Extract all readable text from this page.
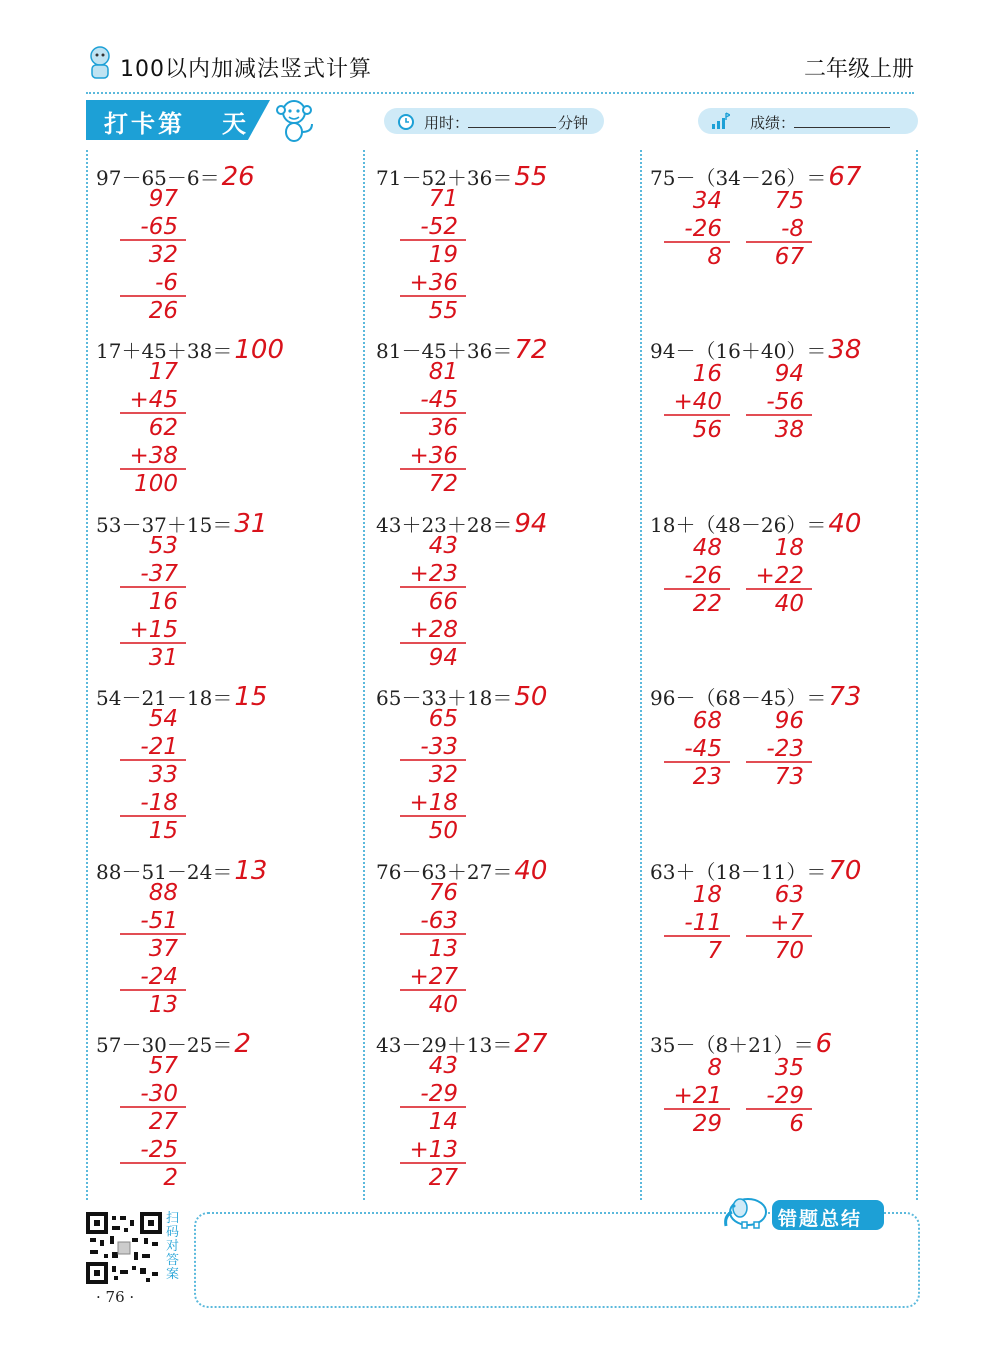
100以内加减法竖式计算	二年级上册
打卡第 天	用时：	分钟	成绩：
97－65－6＝26
97
-65
32
-6
26
17＋45＋38＝100
17
+45
62
+38
100
53－37＋15＝31
53
-37
16
+15
31
54－21－18＝15
54
-21
33
-18
15
88－51－24＝13
88
-51
37
-24
13
57－30－25＝2
57
-30
27
-25
2
71－52＋36＝55
71
-52
19
+36
55
81－45＋36＝72
81
-45
36
+36
72
43＋23＋28＝94
43
+23
66
+28
94
65－33＋18＝50
65
-33
32
+18
50
76－63＋27＝40
76
-63
13
+27
40
43－29＋13＝27
43
-29
14
+13
27
75－（34－26）＝67
34
-26
8
75
-8
67
94－（16＋40）＝38
16
+40
56
94
-56
38
18＋（48－26）＝40
48
-26
22
18
+22
40
96－（68－45）＝73
68
-45
23
96
-23
73
63＋（18－11）＝70
18
-11
7
63
+7
70
35－（8＋21）＝6
8
+21
29
35
-29
6
扫码对答案
· 76 ·
错题总结
